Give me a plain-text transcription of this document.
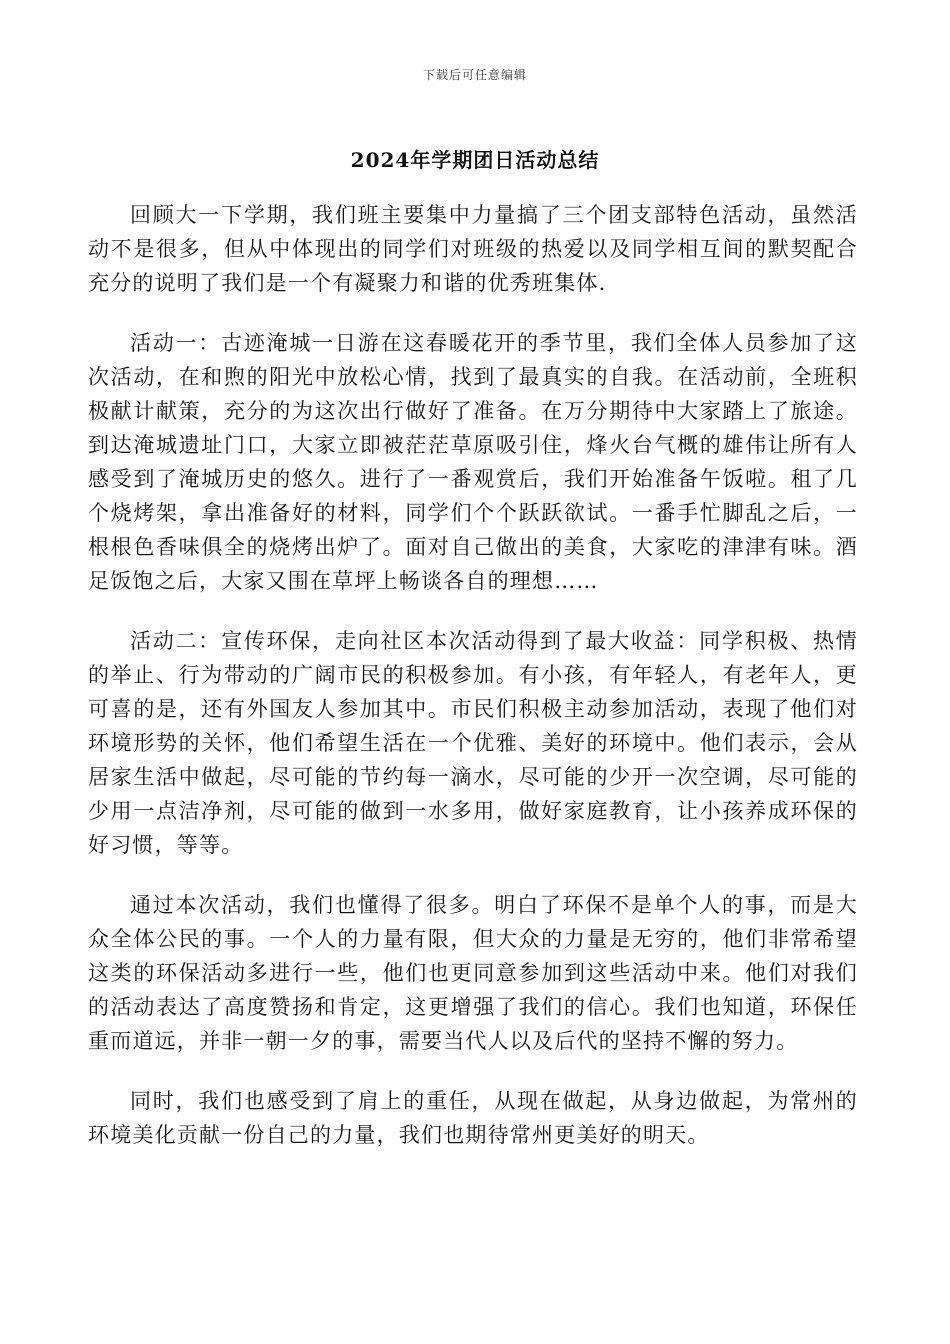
下载后可任意编辑
2024年学期团日活动总结

回顾大一下学期，我们班主要集中力量搞了三个团支部特色活动，虽然活动不是很多，但从中体现出的同学们对班级的热爱以及同学相互间的默契配合充分的说明了我们是一个有凝聚力和谐的优秀班集体.

活动一：古迹淹城一日游在这春暖花开的季节里，我们全体人员参加了这次活动，在和煦的阳光中放松心情，找到了最真实的自我。在活动前，全班积极献计献策，充分的为这次出行做好了准备。在万分期待中大家踏上了旅途。到达淹城遗址门口，大家立即被茫茫草原吸引住，烽火台气概的雄伟让所有人感受到了淹城历史的悠久。进行了一番观赏后，我们开始准备午饭啦。租了几个烧烤架，拿出准备好的材料，同学们个个跃跃欲试。一番手忙脚乱之后，一根根色香味俱全的烧烤出炉了。面对自己做出的美食，大家吃的津津有味。酒足饭饱之后，大家又围在草坪上畅谈各自的理想……

活动二：宣传环保，走向社区本次活动得到了最大收益：同学积极、热情的举止、行为带动的广阔市民的积极参加。有小孩，有年轻人，有老年人，更可喜的是，还有外国友人参加其中。市民们积极主动参加活动，表现了他们对环境形势的关怀，他们希望生活在一个优雅、美好的环境中。他们表示，会从居家生活中做起，尽可能的节约每一滴水，尽可能的少开一次空调，尽可能的少用一点洁净剂，尽可能的做到一水多用，做好家庭教育，让小孩养成环保的好习惯，等等。

通过本次活动，我们也懂得了很多。明白了环保不是单个人的事，而是大众全体公民的事。一个人的力量有限，但大众的力量是无穷的，他们非常希望这类的环保活动多进行一些，他们也更同意参加到这些活动中来。他们对我们的活动表达了高度赞扬和肯定，这更增强了我们的信心。我们也知道，环保任重而道远，并非一朝一夕的事，需要当代人以及后代的坚持不懈的努力。

同时，我们也感受到了肩上的重任，从现在做起，从身边做起，为常州的环境美化贡献一份自己的力量，我们也期待常州更美好的明天。
